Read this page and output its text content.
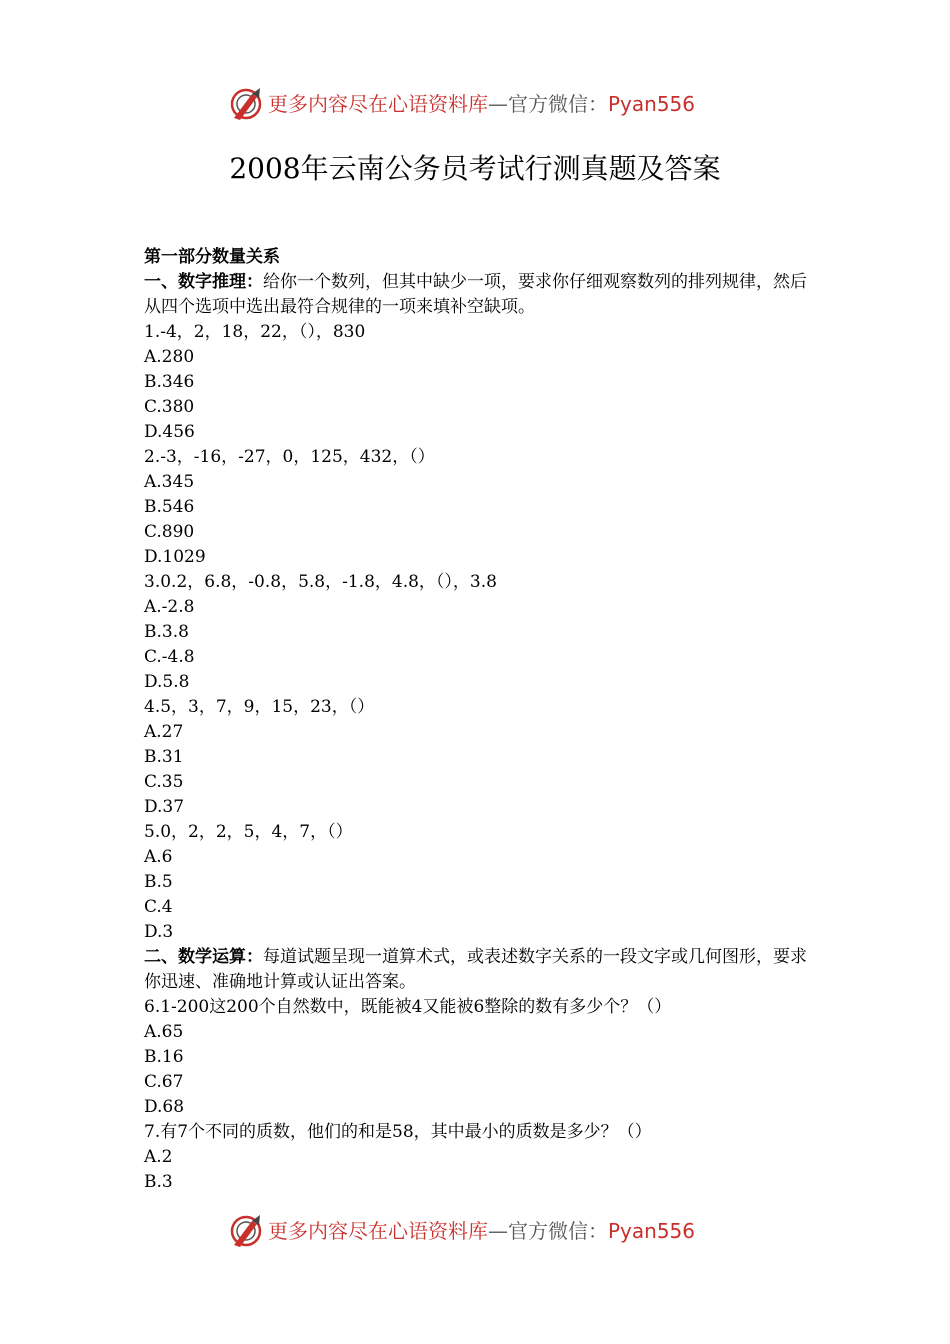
更多内容尽在心语资料库—官方微信：Pyan556
2008年云南公务员考试行测真题及答案
第一部分数量关系
一、数字推理：给你一个数列，但其中缺少一项，要求你仔细观察数列的排列规律，然后从四个选项中选出最符合规律的一项来填补空缺项。
1.-4，2，18，22，（），830
A.280
B.346
C.380
D.456
2.-3，-16，-27，0，125，432，（）
A.345
B.546
C.890
D.1029
3.0.2，6.8，-0.8，5.8，-1.8，4.8，（），3.8
A.-2.8
B.3.8
C.-4.8
D.5.8
4.5，3，7，9，15，23，（）
A.27
B.31
C.35
D.37
5.0，2，2，5，4，7，（）
A.6
B.5
C.4
D.3
二、数学运算：每道试题呈现一道算术式，或表述数字关系的一段文字或几何图形，要求你迅速、准确地计算或认证出答案。
6.1-200这200个自然数中，既能被4又能被6整除的数有多少个？（）
A.65
B.16
C.67
D.68
7.有7个不同的质数，他们的和是58，其中最小的质数是多少？（）
A.2
B.3
更多内容尽在心语资料库—官方微信：Pyan556
